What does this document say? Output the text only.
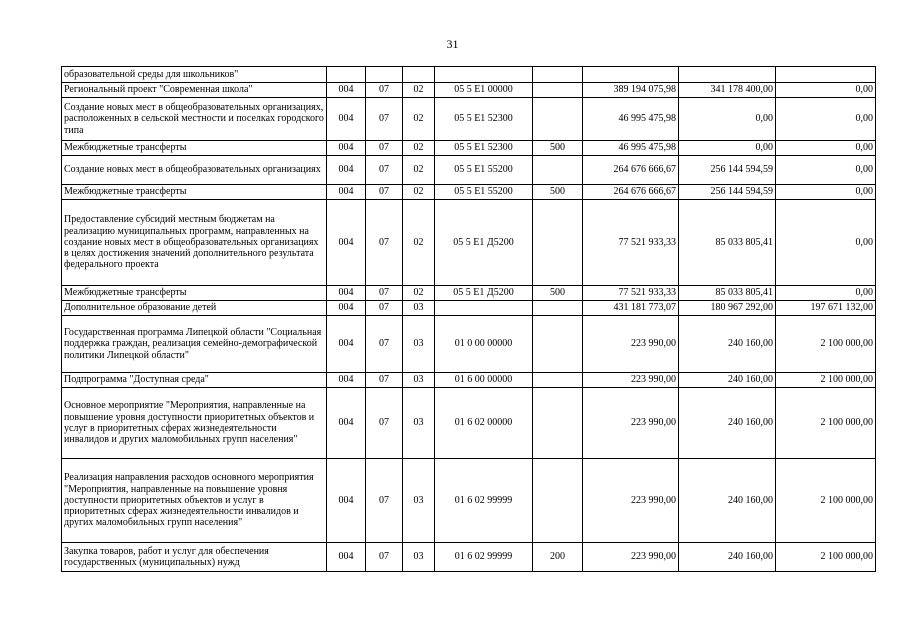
31
образовательной среды для школьников"								
Региональный проект "Современная школа"	004	07	02	05 5 Е1 00000		389 194 075,98	341 178 400,00	0,00
Создание новых мест в общеобразовательных организациях, расположенных в сельской местности и поселках городского типа	004	07	02	05 5 Е1 52300		46 995 475,98	0,00	0,00
Межбюджетные трансферты	004	07	02	05 5 Е1 52300	500	46 995 475,98	0,00	0,00
Создание новых мест в общеобразовательных организациях	004	07	02	05 5 Е1 55200		264 676 666,67	256 144 594,59	0,00
Межбюджетные трансферты	004	07	02	05 5 Е1 55200	500	264 676 666,67	256 144 594,59	0,00
Предоставление субсидий местным бюджетам на реализацию муниципальных программ, направленных на создание новых мест в общеобразовательных организациях в целях достижения значений дополнительного результата федерального проекта	004	07	02	05 5 Е1 Д5200		77 521 933,33	85 033 805,41	0,00
Межбюджетные трансферты	004	07	02	05 5 Е1 Д5200	500	77 521 933,33	85 033 805,41	0,00
Дополнительное образование детей	004	07	03			431 181 773,07	180 967 292,00	197 671 132,00
Государственная программа Липецкой области "Социальная поддержка граждан, реализация семейно-демографической политики Липецкой области"	004	07	03	01 0 00 00000		223 990,00	240 160,00	2 100 000,00
Подпрограмма "Доступная среда"	004	07	03	01 6 00 00000		223 990,00	240 160,00	2 100 000,00
Основное мероприятие "Мероприятия, направленные на повышение уровня доступности приоритетных объектов и услуг в приоритетных сферах жизнедеятельности инвалидов и других маломобильных групп населения"	004	07	03	01 6 02 00000		223 990,00	240 160,00	2 100 000,00
Реализация направления расходов основного мероприятия "Мероприятия, направленные на повышение уровня доступности приоритетных объектов и услуг в приоритетных сферах жизнедеятельности инвалидов и других маломобильных групп населения"	004	07	03	01 6 02 99999		223 990,00	240 160,00	2 100 000,00
Закупка товаров, работ и услуг для обеспечения государственных (муниципальных) нужд	004	07	03	01 6 02 99999	200	223 990,00	240 160,00	2 100 000,00
